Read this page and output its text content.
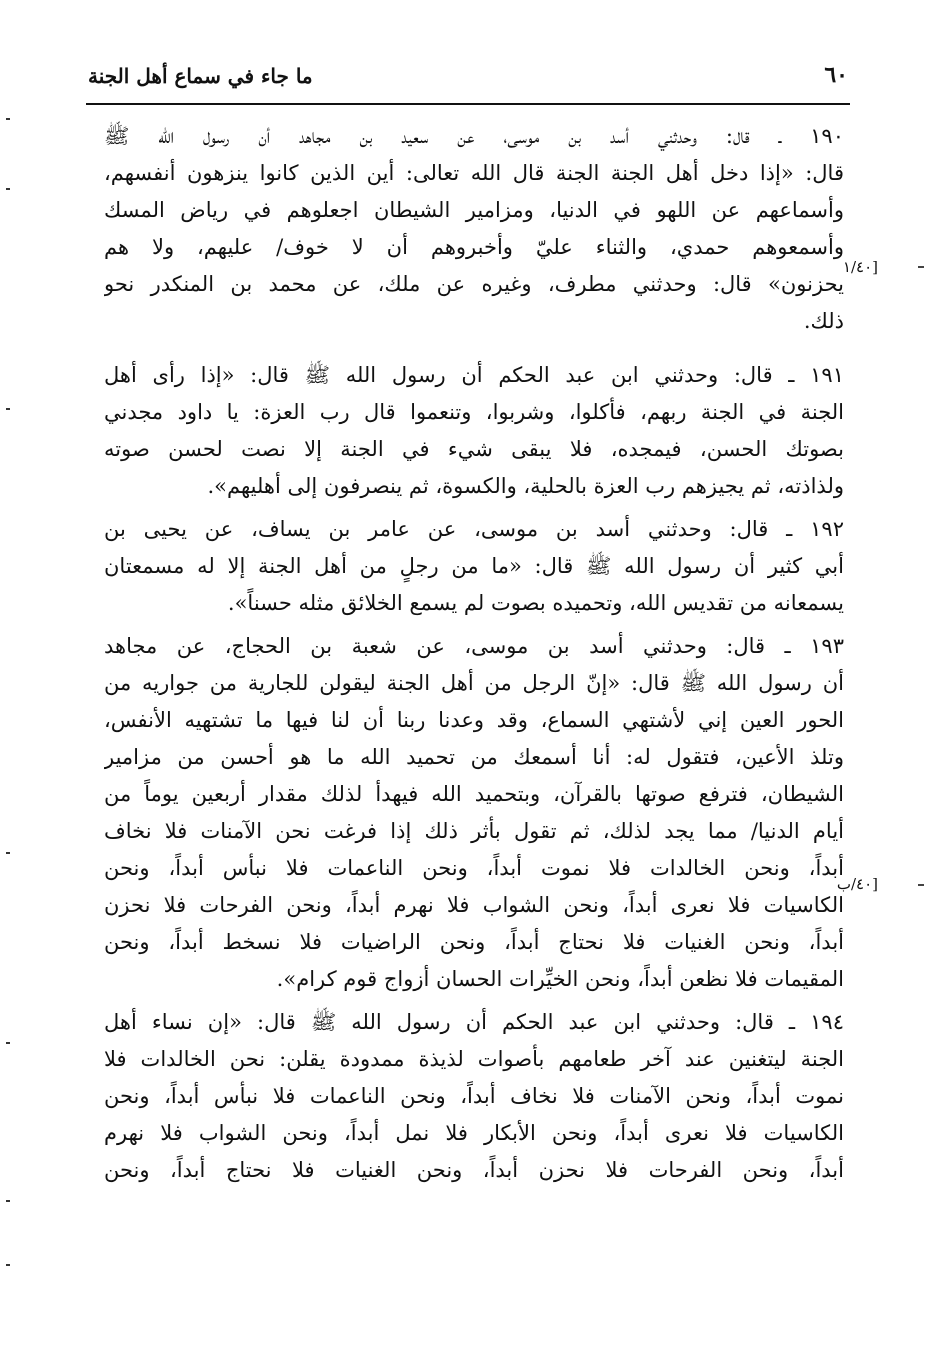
٦٠
ما جاء في سماع أهل الجنة
[١/٤٠
[٤٠/ب
١٩٠ ـ قال: وحدثني أسد بن موسى، عن سعيد بن مجاهد أن رسول الله ﷺ
قال: «إذا دخل أهل الجنة الجنة قال الله تعالى: أين الذين كانوا ينزهون أنفسهم،
وأسماعهم عن اللهو في الدنيا، ومزامير الشيطان اجعلوهم في رياض المسك
وأسمعوهم حمدي، والثناء عليّ وأخبروهم أن لا خوف/ عليهم، ولا هم
يحزنون» قال: وحدثني مطرف، وغيره عن ملك، عن محمد بن المنكدر نحو
ذلك.
١٩١ ـ قال: وحدثني ابن عبد الحكم أن رسول الله ﷺ قال: «إذا رأى أهل
الجنة في الجنة ربهم، فأكلوا، وشربوا، وتنعموا قال رب العزة: يا داود مجدني
بصوتك الحسن، فيمجده، فلا يبقى شيء في الجنة إلا نصت لحسن صوته
ولذاذته، ثم يجيزهم رب العزة بالحلية، والكسوة، ثم ينصرفون إلى أهليهم».
١٩٢ ـ قال: وحدثني أسد بن موسى، عن عامر بن يساف، عن يحيى بن
أبي كثير أن رسول الله ﷺ قال: «ما من رجلٍ من أهل الجنة إلا له مسمعتان
يسمعانه من تقديس الله، وتحميده بصوت لم يسمع الخلائق مثله حسناً».
١٩٣ ـ قال: وحدثني أسد بن موسى، عن شعبة بن الحجاج، عن مجاهد
أن رسول الله ﷺ قال: «إنّ الرجل من أهل الجنة ليقولن للجارية من جواريه من
الحور العين إني لأشتهي السماع، وقد وعدنا ربنا أن لنا فيها ما تشتهيه الأنفس،
وتلذ الأعين، فتقول له: أنا أسمعك من تحميد الله ما هو أحسن من مزامير
الشيطان، فترفع صوتها بالقرآن، وبتحميد الله فيهدأ لذلك مقدار أربعين يوماً من
أيام الدنيا/ مما يجد لذلك، ثم تقول بأثر ذلك إذا فرغت نحن الآمنات فلا نخاف
أبداً، ونحن الخالدات فلا نموت أبداً، ونحن الناعمات فلا نبأس أبداً، ونحن
الكاسيات فلا نعرى أبداً، ونحن الشواب فلا نهرم أبداً، ونحن الفرحات فلا نحزن
أبداً، ونحن الغنيات فلا نحتاج أبداً، ونحن الراضيات فلا نسخط أبداً، ونحن
المقيمات فلا نظعن أبداً، ونحن الخيِّرات الحسان أزواج قوم كرام».
١٩٤ ـ قال: وحدثني ابن عبد الحكم أن رسول الله ﷺ قال: «إن نساء أهل
الجنة ليتغنين عند آخر طعامهم بأصوات لذيذة ممدودة يقلن: نحن الخالدات فلا
نموت أبداً، ونحن الآمنات فلا نخاف أبداً، ونحن الناعمات فلا نبأس أبداً، ونحن
الكاسيات فلا نعرى أبداً، ونحن الأبكار فلا نمل أبداً، ونحن الشواب فلا نهرم
أبداً، ونحن الفرحات فلا نحزن أبداً، ونحن الغنيات فلا نحتاج أبداً، ونحن
